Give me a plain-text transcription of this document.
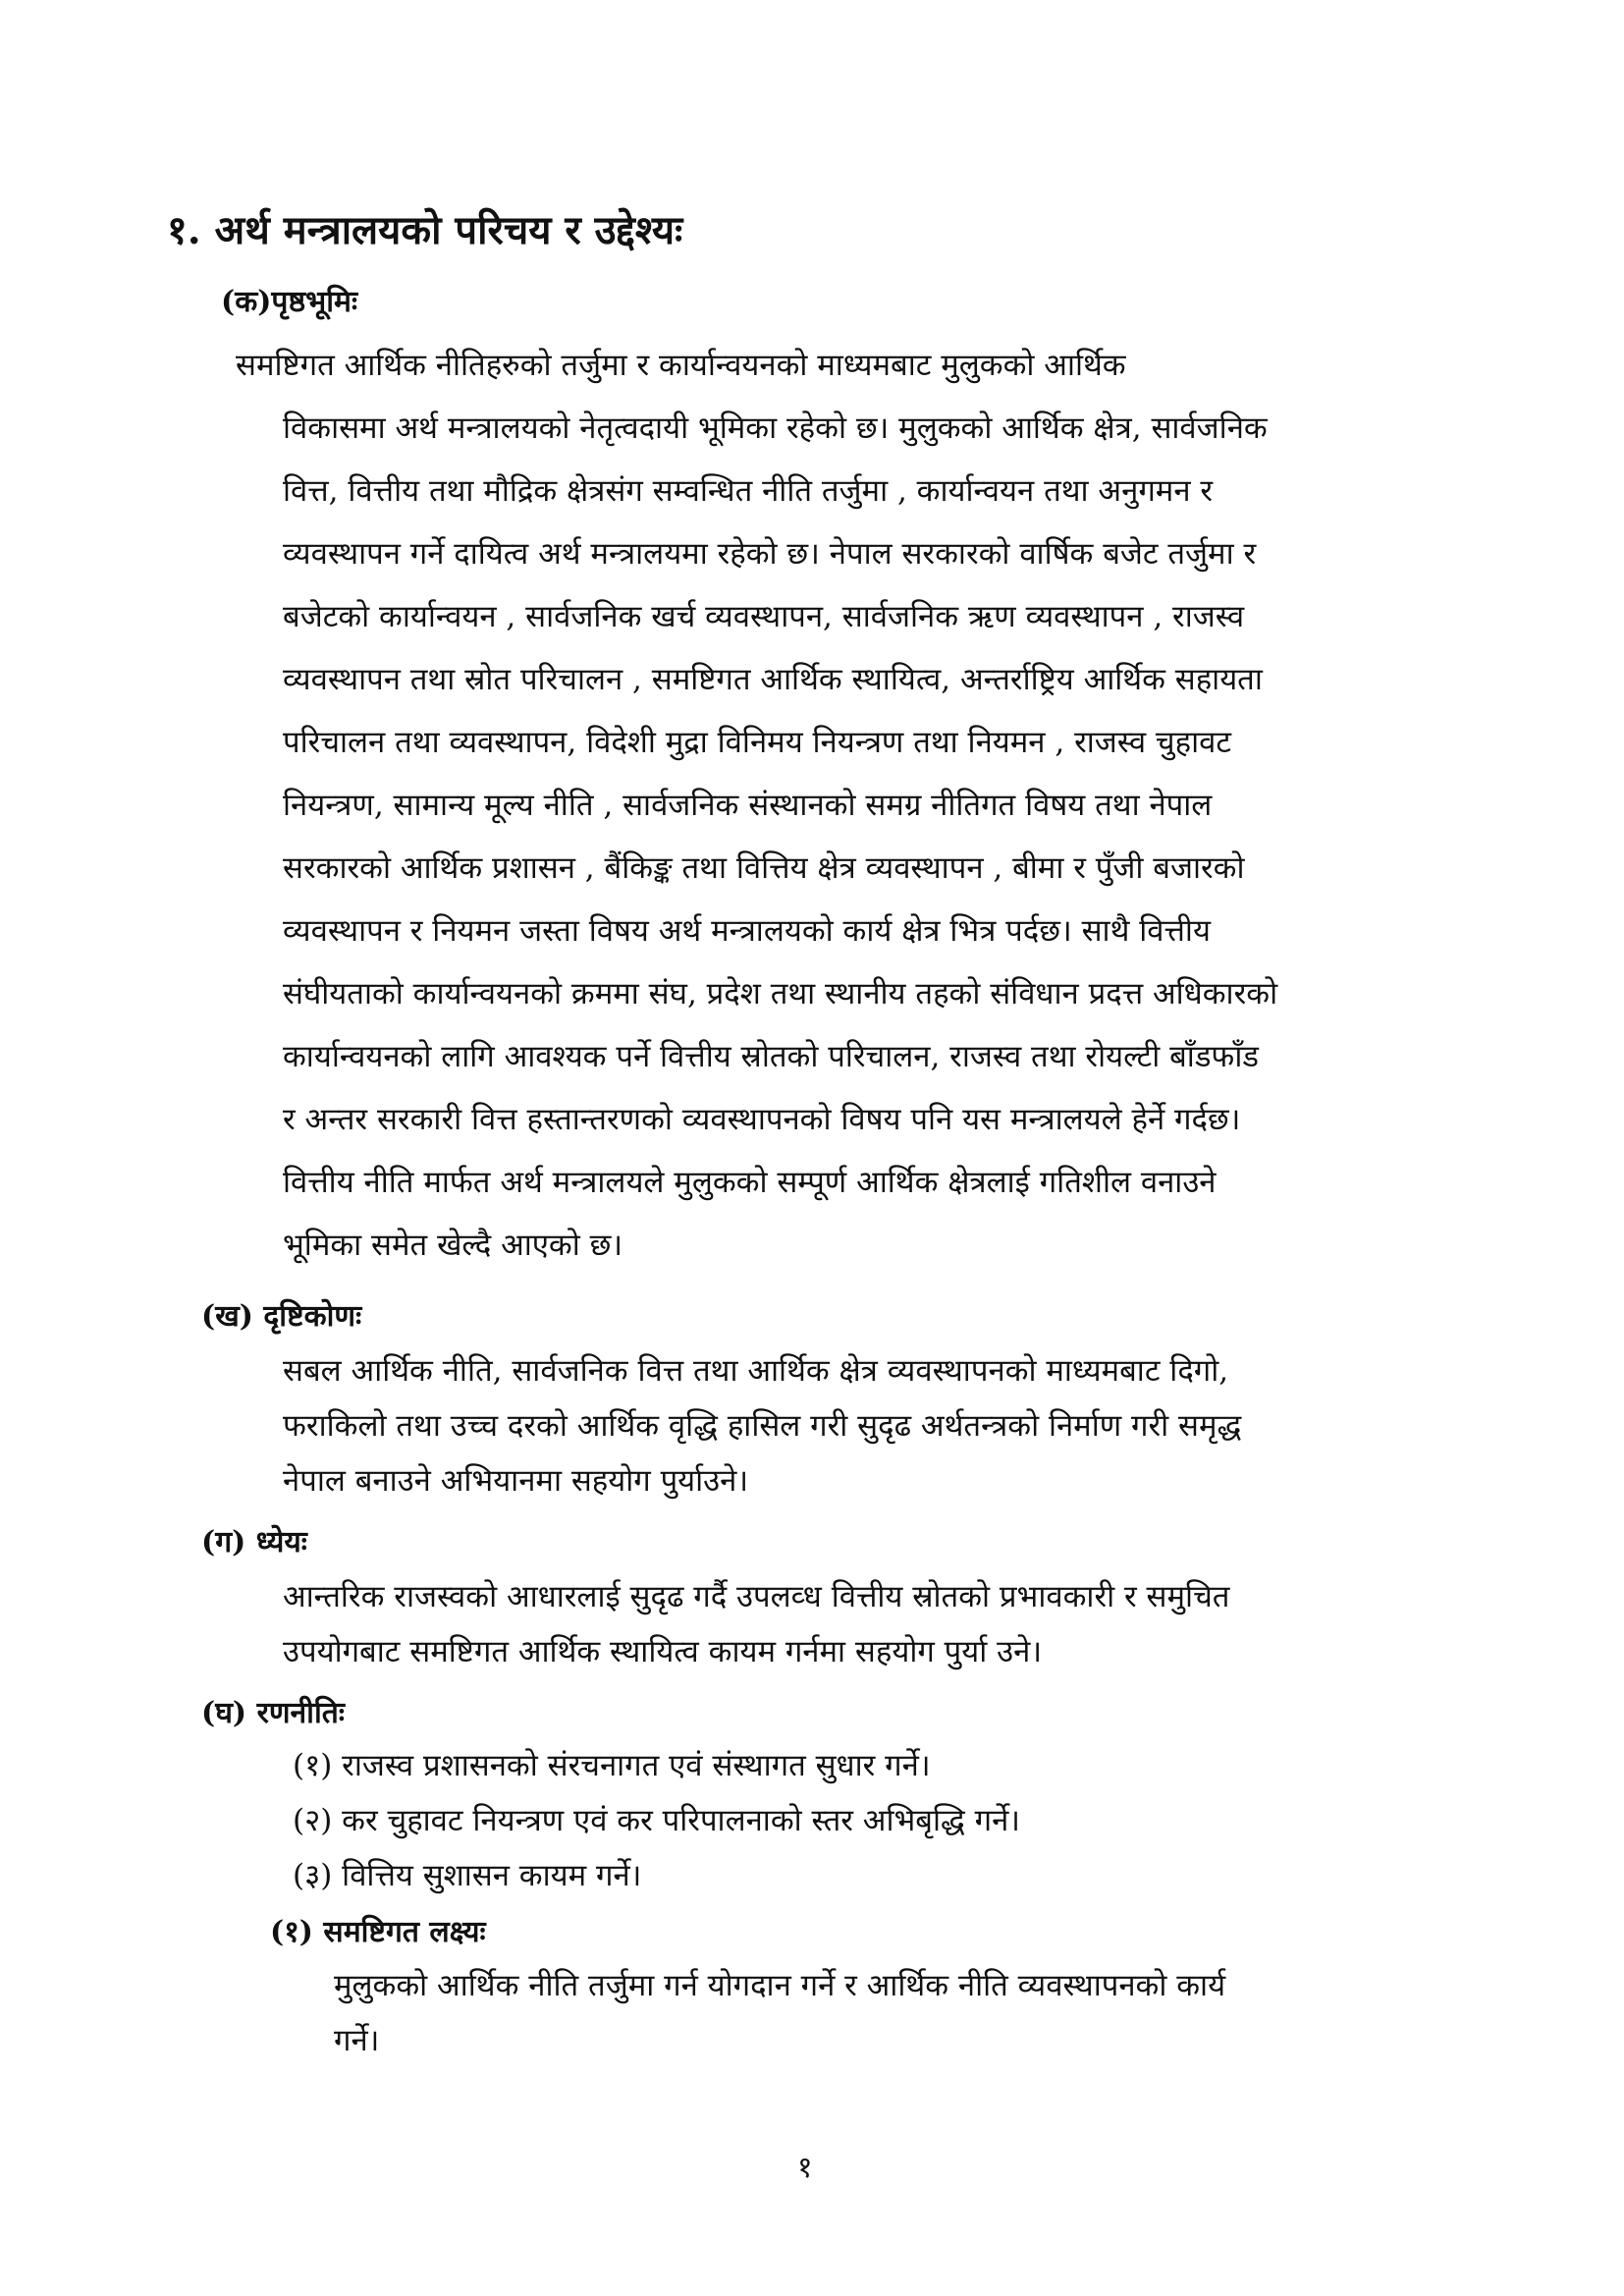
१. अर्थ मन्त्रालयको परिचय र उद्देश्यः
(क)पृष्ठभूमिः
समष्टिगत आर्थिक नीतिहरुको तर्जुमा र कार्यान्वयनको माध्यमबाट मुलुकको आर्थिक
विकासमा अर्थ मन्त्रालयको नेतृत्वदायी भूमिका रहेको छ। मुलुकको आर्थिक क्षेत्र, सार्वजनिक
वित्त, वित्तीय तथा मौद्रिक क्षेत्रसंग सम्वन्धित नीति तर्जुमा , कार्यान्वयन तथा अनुगमन र
व्यवस्थापन गर्ने दायित्व अर्थ मन्त्रालयमा रहेको छ। नेपाल सरकारको वार्षिक बजेट तर्जुमा र
बजेटको कार्यान्वयन , सार्वजनिक खर्च व्यवस्थापन, सार्वजनिक ऋण व्यवस्थापन , राजस्व
व्यवस्थापन तथा स्रोत परिचालन , समष्टिगत आर्थिक स्थायित्व, अन्तर्राष्ट्रिय आर्थिक सहायता
परिचालन तथा व्यवस्थापन, विदेशी मुद्रा विनिमय नियन्त्रण तथा नियमन , राजस्व चुहावट
नियन्त्रण, सामान्य मूल्य नीति , सार्वजनिक संस्थानको समग्र नीतिगत विषय तथा नेपाल
सरकारको आर्थिक प्रशासन , बैंकिङ्क तथा वित्तिय क्षेत्र व्यवस्थापन , बीमा र पुँजी बजारको
व्यवस्थापन र नियमन जस्ता विषय अर्थ मन्त्रालयको कार्य क्षेत्र भित्र पर्दछ। साथै वित्तीय
संघीयताको कार्यान्वयनको क्रममा संघ, प्रदेश तथा स्थानीय तहको संविधान प्रदत्त अधिकारको
कार्यान्वयनको लागि आवश्यक पर्ने वित्तीय स्रोतको परिचालन, राजस्व तथा रोयल्टी बाँडफाँड
र अन्तर सरकारी वित्त हस्तान्तरणको व्यवस्थापनको विषय पनि यस मन्त्रालयले हेर्ने गर्दछ।
वित्तीय नीति मार्फत अर्थ मन्त्रालयले मुलुकको सम्पूर्ण आर्थिक क्षेत्रलाई गतिशील वनाउने
भूमिका समेत खेल्दै आएको छ।
(ख) दृष्टिकोणः
सबल आर्थिक नीति, सार्वजनिक वित्त तथा आर्थिक क्षेत्र व्यवस्थापनको माध्यमबाट दिगो,
फराकिलो तथा उच्च दरको आर्थिक वृद्धि हासिल गरी सुदृढ अर्थतन्त्रको निर्माण गरी समृद्ध
नेपाल बनाउने अभियानमा सहयोग पुर्याउने।
(ग) ध्येयः
आन्तरिक राजस्वको आधारलाई सुदृढ गर्दै उपलव्ध वित्तीय स्रोतको प्रभावकारी र समुचित
उपयोगबाट समष्टिगत आर्थिक स्थायित्व कायम गर्नमा सहयोग पुर्या उने।
(घ) रणनीतिः
(१) राजस्व प्रशासनको संरचनागत एवं संस्थागत सुधार गर्ने।
(२) कर चुहावट नियन्त्रण एवं कर परिपालनाको स्तर अभिबृद्धि गर्ने।
(३) वित्तिय सुशासन कायम गर्ने।
(१) समष्टिगत लक्ष्यः
मुलुकको आर्थिक नीति तर्जुमा गर्न योगदान गर्ने र आर्थिक नीति व्यवस्थापनको कार्य
गर्ने।
१
